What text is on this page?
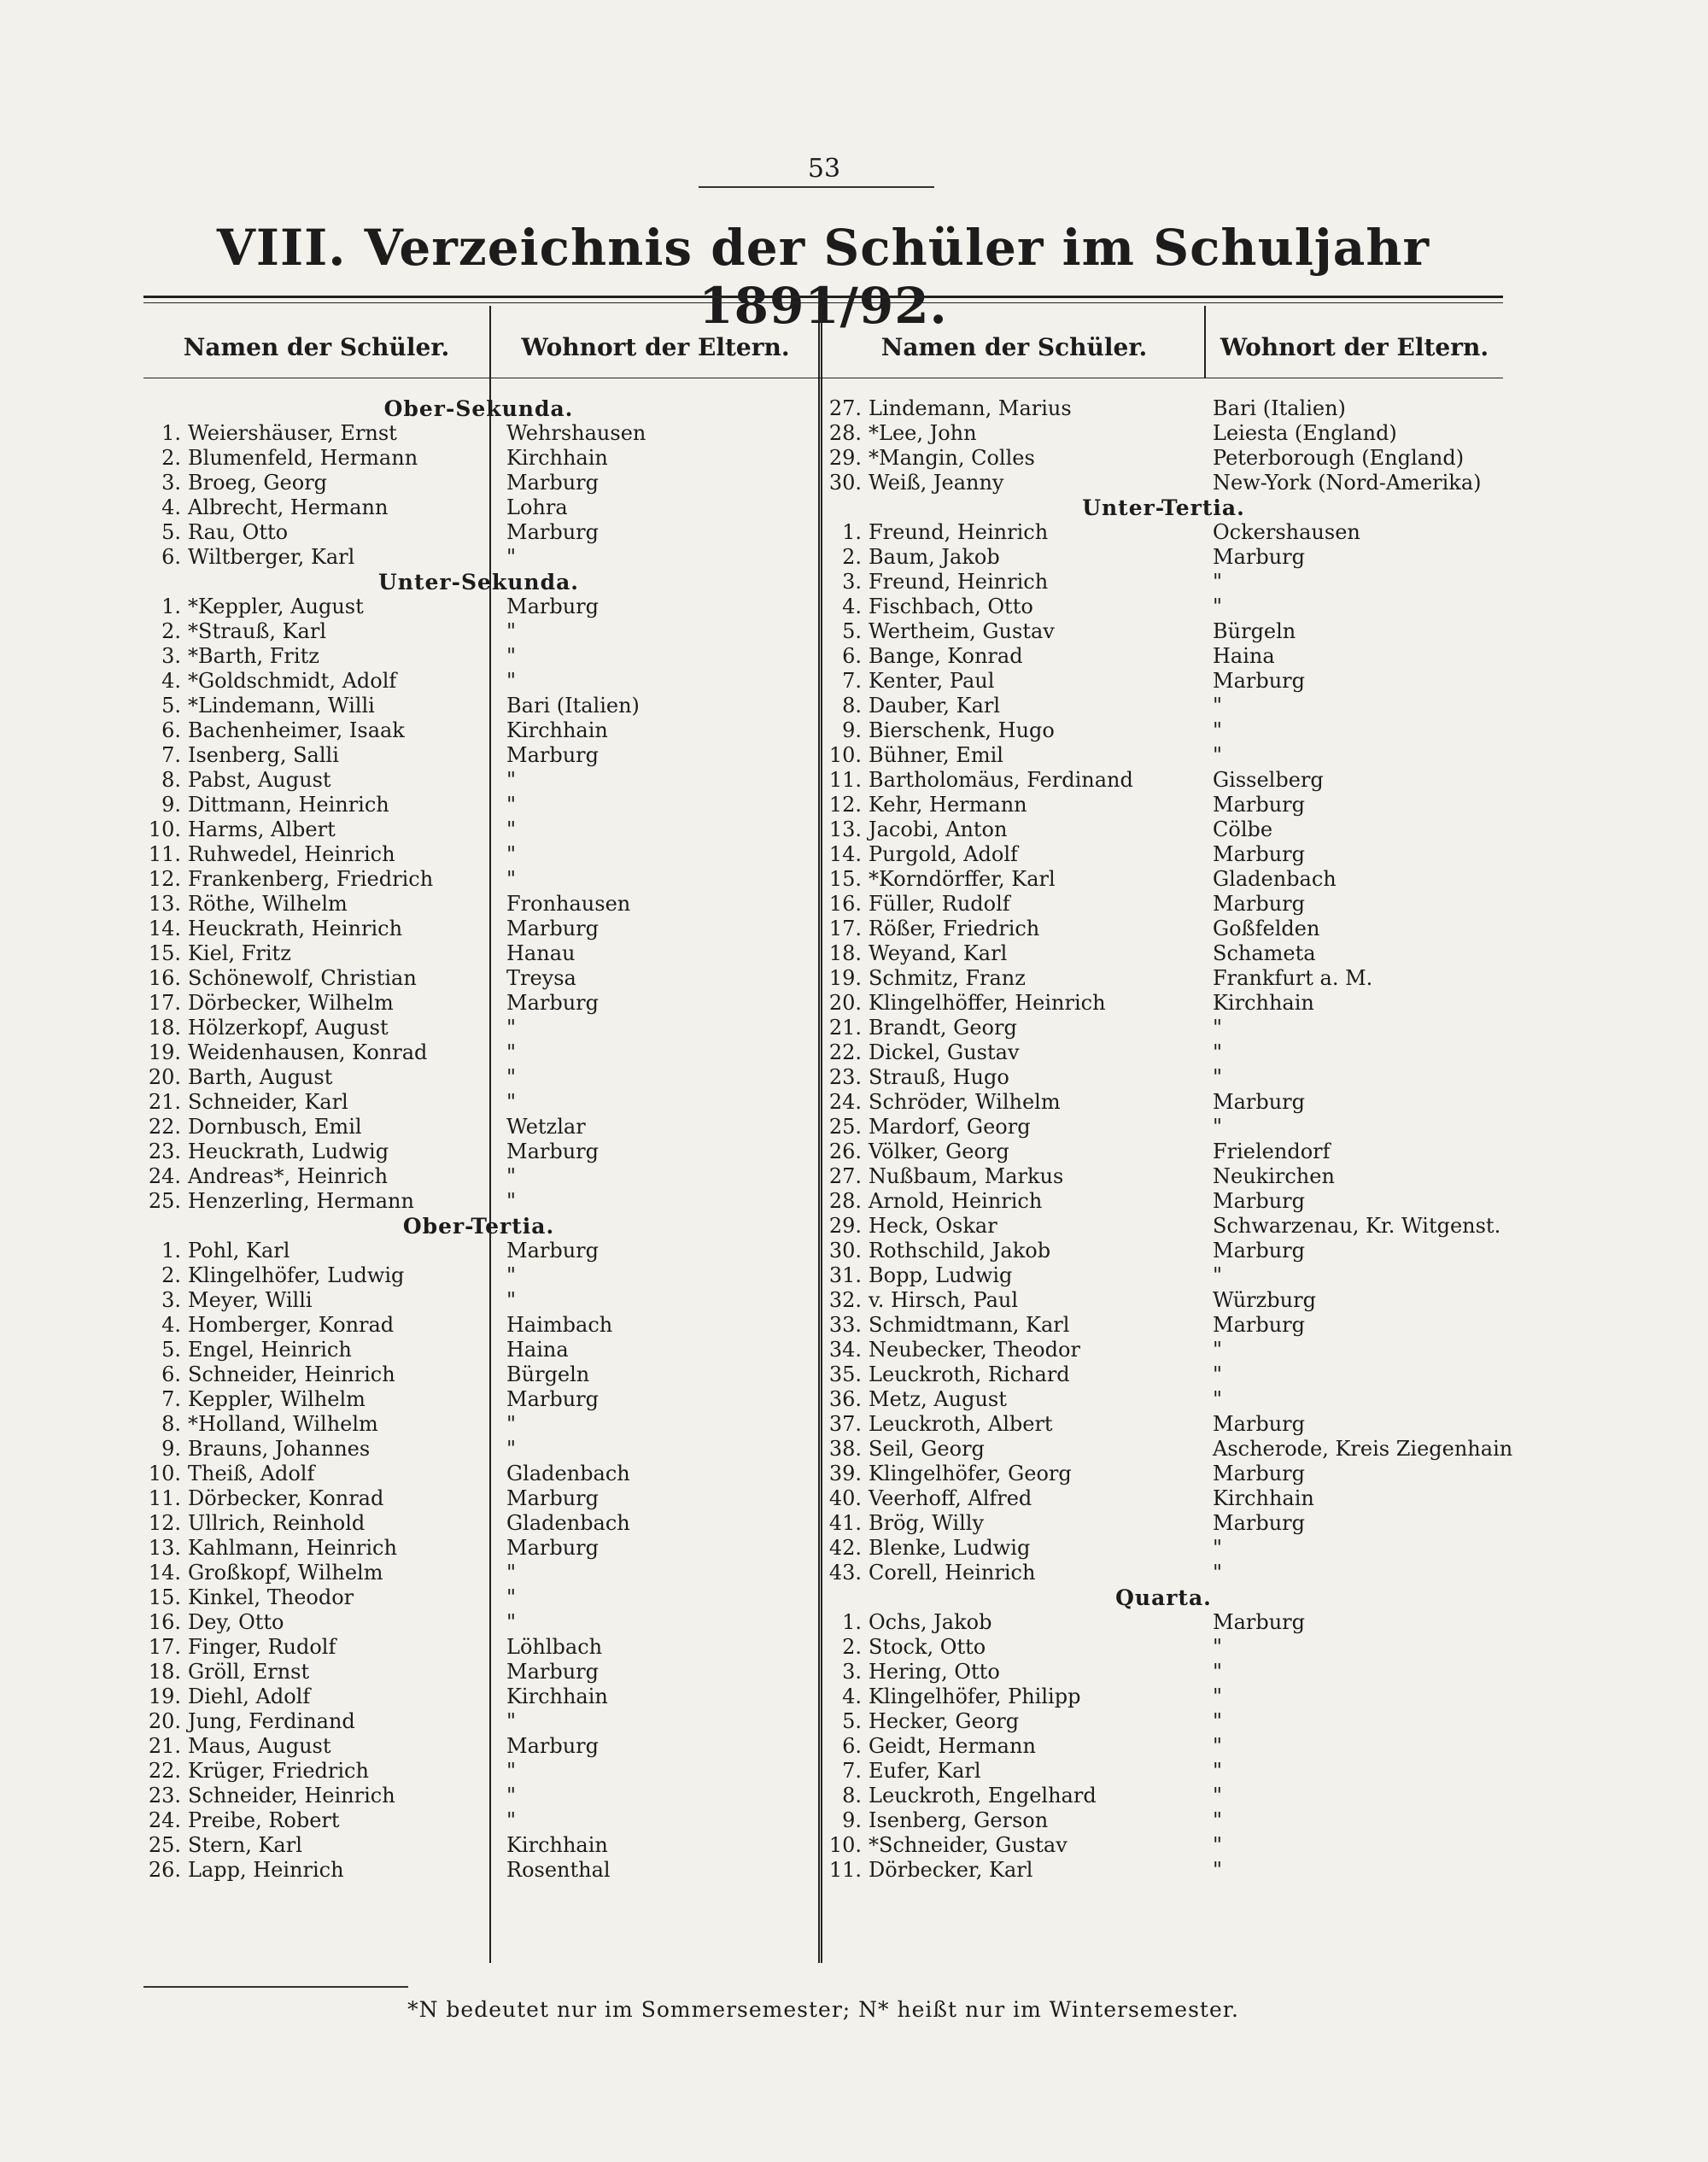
53
VIII. Verzeichnis der Schüler im Schuljahr 1891/92.
Namen der Schüler.	Wohnort der Eltern.	Namen der Schüler.	Wohnort der Eltern.
Ober-Sekunda.
1. Weiershäuser, Ernst	Wehrshausen
2. Blumenfeld, Hermann	Kirchhain
3. Broeg, Georg	Marburg
4. Albrecht, Hermann	Lohra
5. Rau, Otto	Marburg
6. Wiltberger, Karl	"
Unter-Sekunda.
1. *Keppler, August	Marburg
2. *Strauß, Karl	"
3. *Barth, Fritz	"
4. *Goldschmidt, Adolf	"
5. *Lindemann, Willi	Bari (Italien)
6. Bachenheimer, Isaak	Kirchhain
7. Isenberg, Salli	Marburg
8. Pabst, August	"
9. Dittmann, Heinrich	"
10. Harms, Albert	"
11. Ruhwedel, Heinrich	"
12. Frankenberg, Friedrich	"
13. Röthe, Wilhelm	Fronhausen
14. Heuckrath, Heinrich	Marburg
15. Kiel, Fritz	Hanau
16. Schönewolf, Christian	Treysa
17. Dörbecker, Wilhelm	Marburg
18. Hölzerkopf, August	"
19. Weidenhausen, Konrad	"
20. Barth, August	"
21. Schneider, Karl	"
22. Dornbusch, Emil	Wetzlar
23. Heuckrath, Ludwig	Marburg
24. Andreas*, Heinrich	"
25. Henzerling, Hermann	"
Ober-Tertia.
1. Pohl, Karl	Marburg
2. Klingelhöfer, Ludwig	"
3. Meyer, Willi	"
4. Homberger, Konrad	Haimbach
5. Engel, Heinrich	Haina
6. Schneider, Heinrich	Bürgeln
7. Keppler, Wilhelm	Marburg
8. *Holland, Wilhelm	"
9. Brauns, Johannes	"
10. Theiß, Adolf	Gladenbach
11. Dörbecker, Konrad	Marburg
12. Ullrich, Reinhold	Gladenbach
13. Kahlmann, Heinrich	Marburg
14. Großkopf, Wilhelm	"
15. Kinkel, Theodor	"
16. Dey, Otto	"
17. Finger, Rudolf	Löhlbach
18. Gröll, Ernst	Marburg
19. Diehl, Adolf	Kirchhain
20. Jung, Ferdinand	"
21. Maus, August	Marburg
22. Krüger, Friedrich	"
23. Schneider, Heinrich	"
24. Preibe, Robert	"
25. Stern, Karl	Kirchhain
26. Lapp, Heinrich	Rosenthal
27. Lindemann, Marius	Bari (Italien)
28. *Lee, John	Leiesta (England)
29. *Mangin, Colles	Peterborough (England)
30. Weiß, Jeanny	New-York (Nord-Amerika)
Unter-Tertia.
1. Freund, Heinrich	Ockershausen
2. Baum, Jakob	Marburg
3. Freund, Heinrich	"
4. Fischbach, Otto	"
5. Wertheim, Gustav	Bürgeln
6. Bange, Konrad	Haina
7. Kenter, Paul	Marburg
8. Dauber, Karl	"
9. Bierschenk, Hugo	"
10. Bühner, Emil	"
11. Bartholomäus, Ferdinand	Gisselberg
12. Kehr, Hermann	Marburg
13. Jacobi, Anton	Cölbe
14. Purgold, Adolf	Marburg
15. *Korndörffer, Karl	Gladenbach
16. Füller, Rudolf	Marburg
17. Rößer, Friedrich	Goßfelden
18. Weyand, Karl	Schameta
19. Schmitz, Franz	Frankfurt a. M.
20. Klingelhöffer, Heinrich	Kirchhain
21. Brandt, Georg	"
22. Dickel, Gustav	"
23. Strauß, Hugo	"
24. Schröder, Wilhelm	Marburg
25. Mardorf, Georg	"
26. Völker, Georg	Frielendorf
27. Nußbaum, Markus	Neukirchen
28. Arnold, Heinrich	Marburg
29. Heck, Oskar	Schwarzenau, Kr. Witgenst.
30. Rothschild, Jakob	Marburg
31. Bopp, Ludwig	"
32. v. Hirsch, Paul	Würzburg
33. Schmidtmann, Karl	Marburg
34. Neubecker, Theodor	"
35. Leuckroth, Richard	"
36. Metz, August	"
37. Leuckroth, Albert	Marburg
38. Seil, Georg	Ascherode, Kreis Ziegenhain
39. Klingelhöfer, Georg	Marburg
40. Veerhoff, Alfred	Kirchhain
41. Brög, Willy	Marburg
42. Blenke, Ludwig	"
43. Corell, Heinrich	"
Quarta.
1. Ochs, Jakob	Marburg
2. Stock, Otto	"
3. Hering, Otto	"
4. Klingelhöfer, Philipp	"
5. Hecker, Georg	"
6. Geidt, Hermann	"
7. Eufer, Karl	"
8. Leuckroth, Engelhard	"
9. Isenberg, Gerson	"
10. *Schneider, Gustav	"
11. Dörbecker, Karl	"
*N bedeutet nur im Sommersemester; N* heißt nur im Wintersemester.
